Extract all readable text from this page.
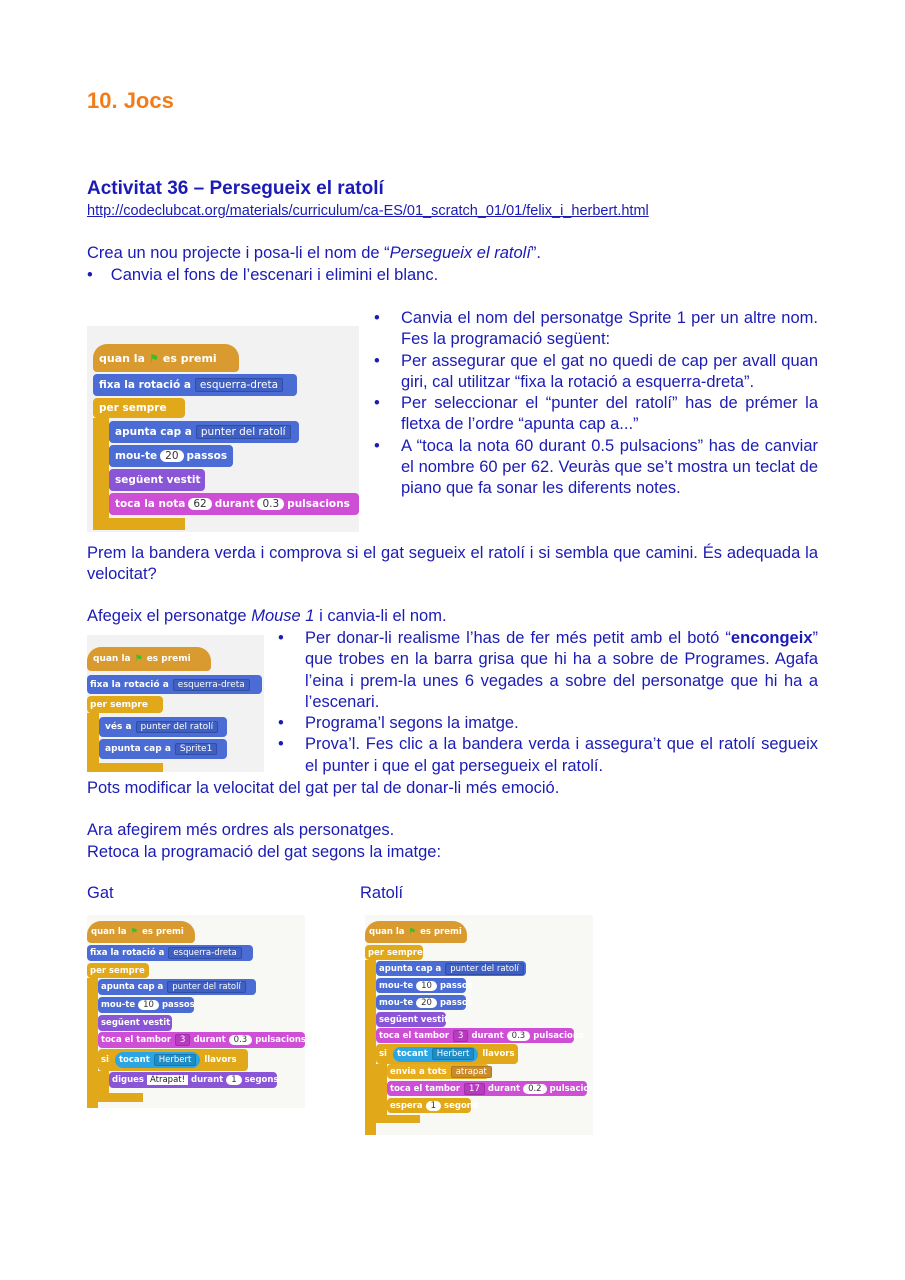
10. Jocs
Activitat 36 – Persegueix el ratolí
http://codeclubcat.org/materials/curriculum/ca-ES/01_scratch_01/01/felix_i_herbert.html
Crea un nou projecte i posa-li el nom de “Persegueix el ratolí”.
• Canvia el fons de l’escenari i elimini el blanc.
quan la ⚑ es premi
fixa la rotació a esquerra-dreta
per sempre
apunta cap a punter del ratolí
mou-te 20 passos
següent vestit
toca la nota 62 durant 0.3 pulsacions
• Canvia el nom del personatge Sprite 1 per un altre nom. Fes la programació següent:
• Per assegurar que el gat no quedi de cap per avall quan giri, cal utilitzar “fixa la rotació a esquerra-dreta”.
• Per seleccionar el “punter del ratolí” has de prémer la fletxa de l’ordre “apunta cap a...”
• A “toca la nota 60 durant 0.5 pulsacions” has de canviar el nombre 60 per 62. Veuràs que se’t mostra un teclat de piano que fa sonar les diferents notes.
Prem la bandera verda i comprova si el gat segueix el ratolí i si sembla que camini. És adequada la velocitat?
Afegeix el personatge Mouse 1 i canvia-li el nom.
quan la ⚑ es premi
fixa la rotació a	esquerra-dreta
per sempre
vés a	punter del ratolí
apunta cap a	Sprite1
• Per donar-li realisme l’has de fer més petit amb el botó “encongeix” que trobes en la barra grisa que hi ha a sobre de Programes. Agafa l’eina i prem-la unes 6 vegades a sobre del personatge que hi ha a l’escenari.
• Programa’l segons la imatge.
• Prova’l. Fes clic a la bandera verda i assegura’t que el ratolí segueix el punter i que el gat persegueix el ratolí.
Pots modificar la velocitat del gat per tal de donar-li més emoció.
Ara afegirem més ordres als personatges.
Retoca la programació del gat segons la imatge:
Gat	Ratolí
quan la ⚑ es premi
fixa la rotació a	esquerra-dreta
per sempre
apunta cap a	punter del ratolí
mou-te 10 passos
següent vestit
toca el tambor	3 durant 0.3 pulsacions
si tocant	Herbert	llavors
digues Atrapat! durant 1 segons
quan la ⚑ es premi
per sempre
apunta cap a	punter del ratolí
mou-te 10 passos
mou-te 20 passos
següent vestit
toca el tambor	3 durant 0.3 pulsacions
si tocant	Herbert	llavors
envia a tots	atrapat
toca el tambor	17 durant 0.2 pulsacions
espera 1 segons
